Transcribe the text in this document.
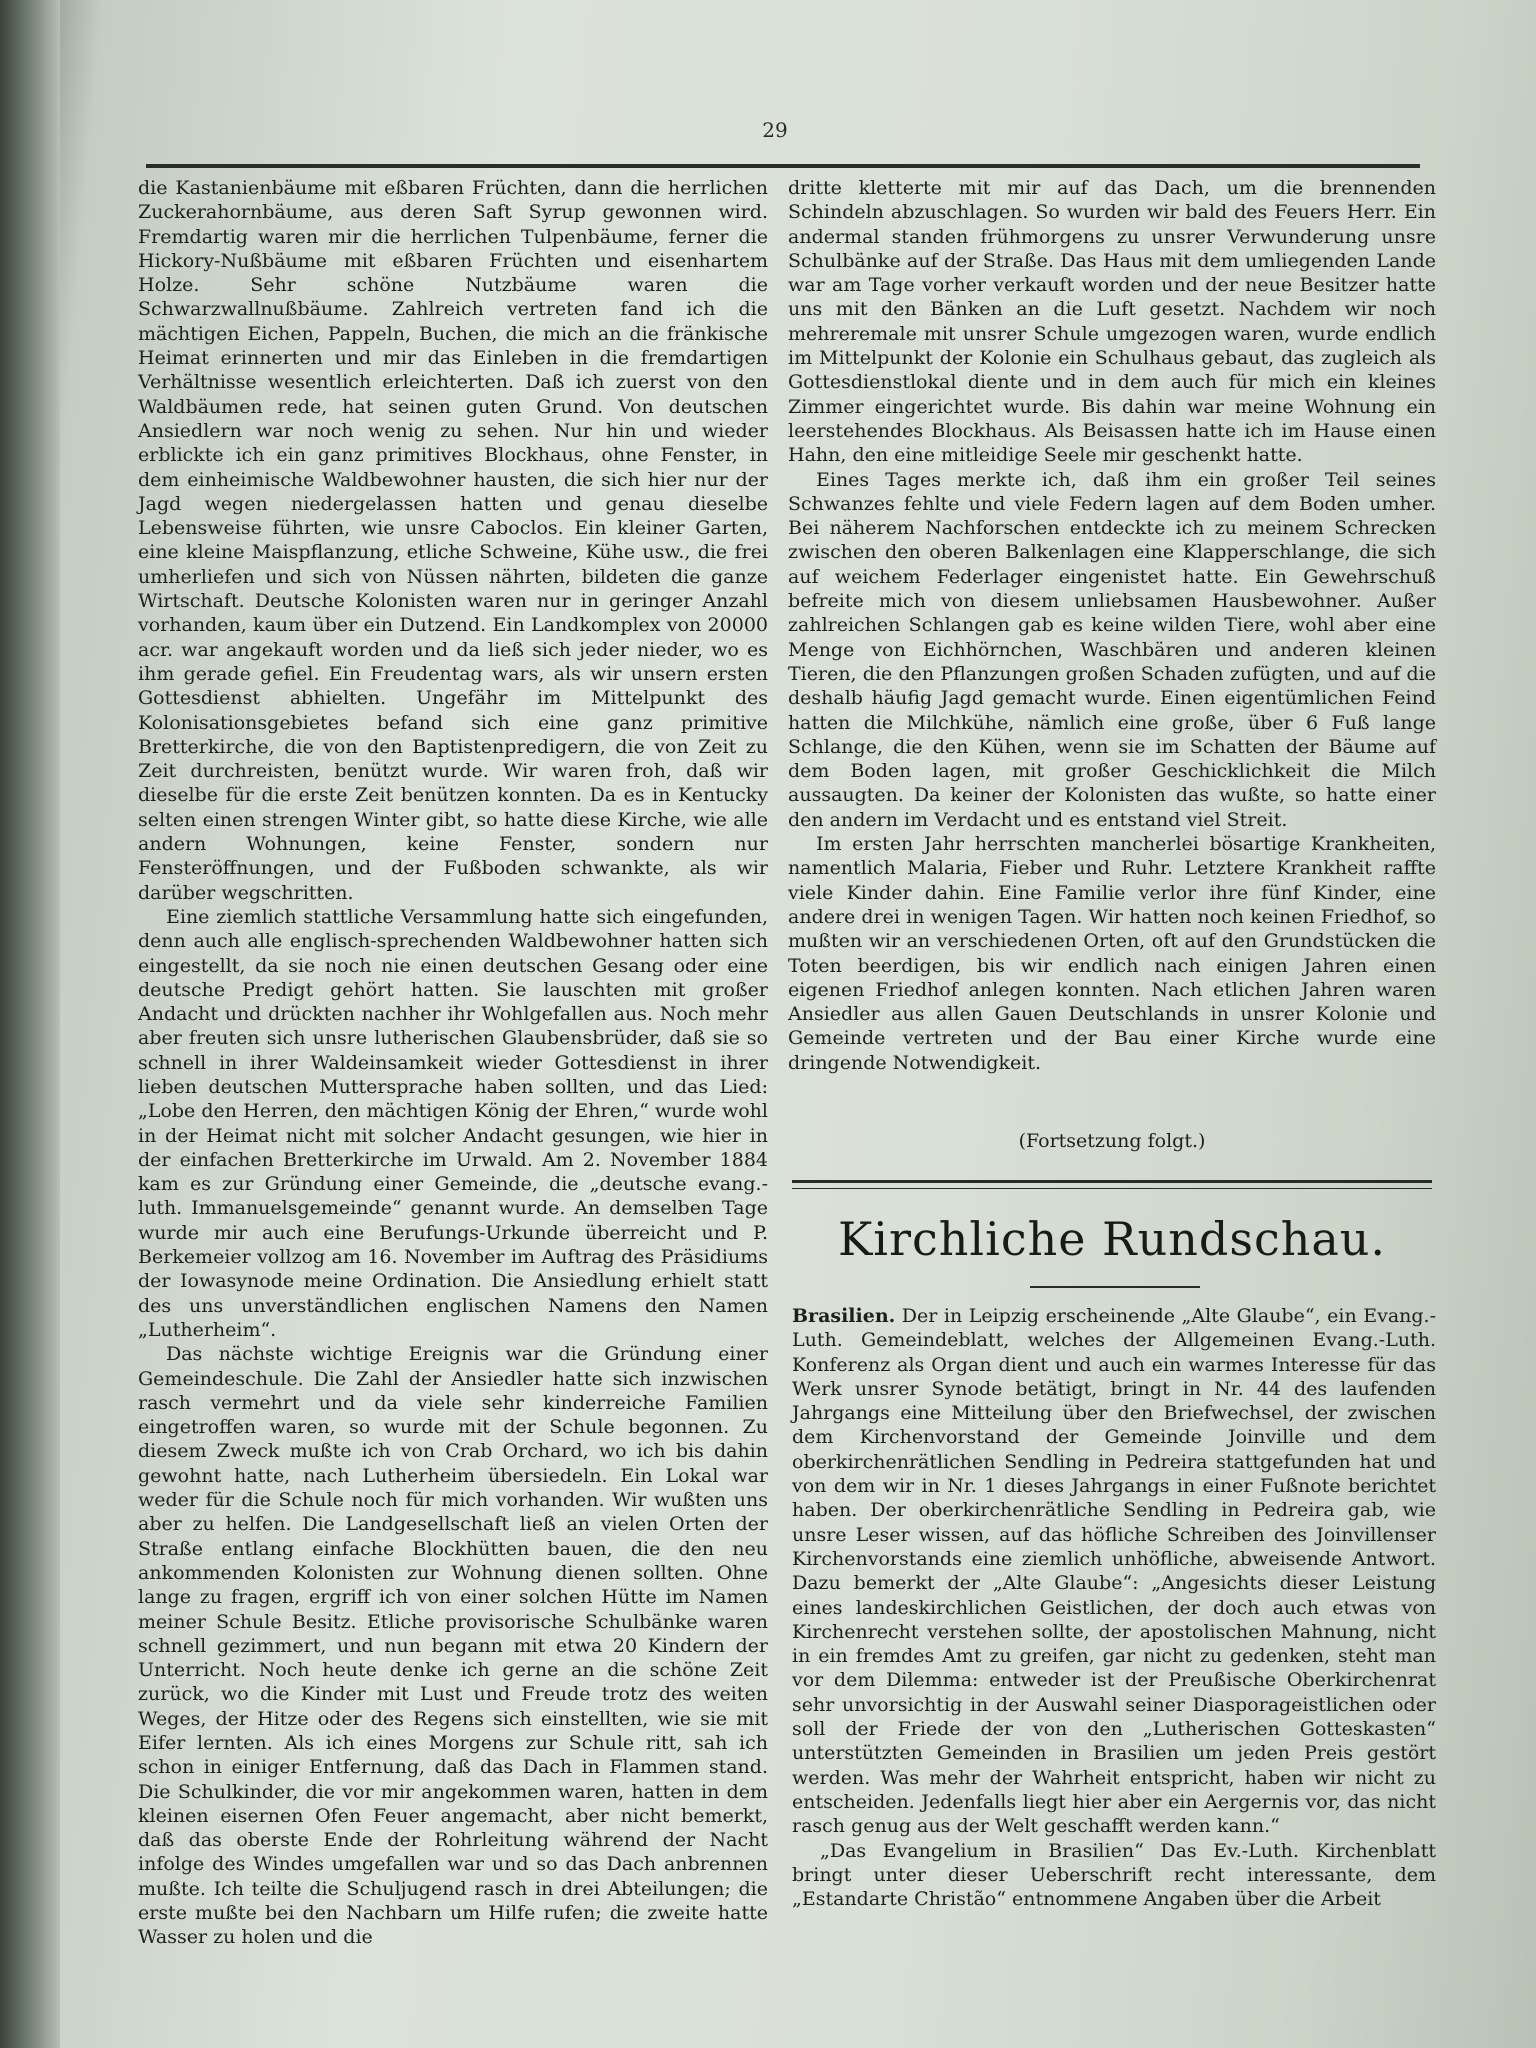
29

die Kastanienbäume mit eßbaren Früchten, dann die herrlichen Zuckerahornbäume, aus deren Saft Syrup gewonnen wird. Fremdartig waren mir die herrlichen Tulpenbäume, ferner die Hickory-Nußbäume mit eßbaren Früchten und eisenhartem Holze. Sehr schöne Nutzbäume waren die Schwarzwallnußbäume. Zahlreich vertreten fand ich die mächtigen Eichen, Pappeln, Buchen, die mich an die fränkische Heimat erinnerten und mir das Einleben in die fremdartigen Verhältnisse wesentlich erleichterten. Daß ich zuerst von den Waldbäumen rede, hat seinen guten Grund. Von deutschen Ansiedlern war noch wenig zu sehen. Nur hin und wieder erblickte ich ein ganz primitives Blockhaus, ohne Fenster, in dem einheimische Waldbewohner hausten, die sich hier nur der Jagd wegen niedergelassen hatten und genau dieselbe Lebensweise führten, wie unsre Caboclos. Ein kleiner Garten, eine kleine Maispflanzung, etliche Schweine, Kühe usw., die frei umherliefen und sich von Nüssen nährten, bildeten die ganze Wirtschaft. Deutsche Kolonisten waren nur in geringer Anzahl vorhanden, kaum über ein Dutzend. Ein Landkomplex von 20000 acr. war angekauft worden und da ließ sich jeder nieder, wo es ihm gerade gefiel. Ein Freudentag wars, als wir unsern ersten Gottesdienst abhielten. Ungefähr im Mittelpunkt des Kolonisationsgebietes befand sich eine ganz primitive Bretterkirche, die von den Baptistenpredigern, die von Zeit zu Zeit durchreisten, benützt wurde. Wir waren froh, daß wir dieselbe für die erste Zeit benützen konnten. Da es in Kentucky selten einen strengen Winter gibt, so hatte diese Kirche, wie alle andern Wohnungen, keine Fenster, sondern nur Fensteröffnungen, und der Fußboden schwankte, als wir darüber wegschritten.

Eine ziemlich stattliche Versammlung hatte sich eingefunden, denn auch alle englisch-sprechenden Waldbewohner hatten sich eingestellt, da sie noch nie einen deutschen Gesang oder eine deutsche Predigt gehört hatten. Sie lauschten mit großer Andacht und drückten nachher ihr Wohlgefallen aus. Noch mehr aber freuten sich unsre lutherischen Glaubensbrüder, daß sie so schnell in ihrer Waldeinsamkeit wieder Gottesdienst in ihrer lieben deutschen Muttersprache haben sollten, und das Lied: „Lobe den Herren, den mächtigen König der Ehren,“ wurde wohl in der Heimat nicht mit solcher Andacht gesungen, wie hier in der einfachen Bretterkirche im Urwald. Am 2. November 1884 kam es zur Gründung einer Gemeinde, die „deutsche evang.-luth. Immanuelsgemeinde“ genannt wurde. An demselben Tage wurde mir auch eine Berufungs-Urkunde überreicht und P. Berkemeier vollzog am 16. November im Auftrag des Präsidiums der Iowasynode meine Ordination. Die Ansiedlung erhielt statt des uns unverständlichen englischen Namens den Namen „Lutherheim“.

Das nächste wichtige Ereignis war die Gründung einer Gemeindeschule. Die Zahl der Ansiedler hatte sich inzwischen rasch vermehrt und da viele sehr kinderreiche Familien eingetroffen waren, so wurde mit der Schule begonnen. Zu diesem Zweck mußte ich von Crab Orchard, wo ich bis dahin gewohnt hatte, nach Lutherheim übersiedeln. Ein Lokal war weder für die Schule noch für mich vorhanden. Wir wußten uns aber zu helfen. Die Landgesellschaft ließ an vielen Orten der Straße entlang einfache Blockhütten bauen, die den neu ankommenden Kolonisten zur Wohnung dienen sollten. Ohne lange zu fragen, ergriff ich von einer solchen Hütte im Namen meiner Schule Besitz. Etliche provisorische Schulbänke waren schnell gezimmert, und nun begann mit etwa 20 Kindern der Unterricht. Noch heute denke ich gerne an die schöne Zeit zurück, wo die Kinder mit Lust und Freude trotz des weiten Weges, der Hitze oder des Regens sich einstellten, wie sie mit Eifer lernten. Als ich eines Morgens zur Schule ritt, sah ich schon in einiger Entfernung, daß das Dach in Flammen stand. Die Schulkinder, die vor mir angekommen waren, hatten in dem kleinen eisernen Ofen Feuer angemacht, aber nicht bemerkt, daß das oberste Ende der Rohrleitung während der Nacht infolge des Windes umgefallen war und so das Dach anbrennen mußte. Ich teilte die Schuljugend rasch in drei Abteilungen; die erste mußte bei den Nachbarn um Hilfe rufen; die zweite hatte Wasser zu holen und die

dritte kletterte mit mir auf das Dach, um die brennenden Schindeln abzuschlagen. So wurden wir bald des Feuers Herr. Ein andermal standen frühmorgens zu unsrer Verwunderung unsre Schulbänke auf der Straße. Das Haus mit dem umliegenden Lande war am Tage vorher verkauft worden und der neue Besitzer hatte uns mit den Bänken an die Luft gesetzt. Nachdem wir noch mehreremale mit unsrer Schule umgezogen waren, wurde endlich im Mittelpunkt der Kolonie ein Schulhaus gebaut, das zugleich als Gottesdienstlokal diente und in dem auch für mich ein kleines Zimmer eingerichtet wurde. Bis dahin war meine Wohnung ein leerstehendes Blockhaus. Als Beisassen hatte ich im Hause einen Hahn, den eine mitleidige Seele mir geschenkt hatte.

Eines Tages merkte ich, daß ihm ein großer Teil seines Schwanzes fehlte und viele Federn lagen auf dem Boden umher. Bei näherem Nachforschen entdeckte ich zu meinem Schrecken zwischen den oberen Balkenlagen eine Klapperschlange, die sich auf weichem Federlager eingenistet hatte. Ein Gewehrschuß befreite mich von diesem unliebsamen Hausbewohner. Außer zahlreichen Schlangen gab es keine wilden Tiere, wohl aber eine Menge von Eichhörnchen, Waschbären und anderen kleinen Tieren, die den Pflanzungen großen Schaden zufügten, und auf die deshalb häufig Jagd gemacht wurde. Einen eigentümlichen Feind hatten die Milchkühe, nämlich eine große, über 6 Fuß lange Schlange, die den Kühen, wenn sie im Schatten der Bäume auf dem Boden lagen, mit großer Geschicklichkeit die Milch aussaugten. Da keiner der Kolonisten das wußte, so hatte einer den andern im Verdacht und es entstand viel Streit.

Im ersten Jahr herrschten mancherlei bösartige Krankheiten, namentlich Malaria, Fieber und Ruhr. Letztere Krankheit raffte viele Kinder dahin. Eine Familie verlor ihre fünf Kinder, eine andere drei in wenigen Tagen. Wir hatten noch keinen Friedhof, so mußten wir an verschiedenen Orten, oft auf den Grundstücken die Toten beerdigen, bis wir endlich nach einigen Jahren einen eigenen Friedhof anlegen konnten. Nach etlichen Jahren waren Ansiedler aus allen Gauen Deutschlands in unsrer Kolonie und Gemeinde vertreten und der Bau einer Kirche wurde eine dringende Notwendigkeit.

(Fortsetzung folgt.)
Kirchliche Rundschau.

Brasilien. Der in Leipzig erscheinende „Alte Glaube“, ein Evang.-Luth. Gemeindeblatt, welches der Allgemeinen Evang.-Luth. Konferenz als Organ dient und auch ein warmes Interesse für das Werk unsrer Synode betätigt, bringt in Nr. 44 des laufenden Jahrgangs eine Mitteilung über den Briefwechsel, der zwischen dem Kirchenvorstand der Gemeinde Joinville und dem oberkirchenrätlichen Sendling in Pedreira stattgefunden hat und von dem wir in Nr. 1 dieses Jahrgangs in einer Fußnote berichtet haben. Der oberkirchenrätliche Sendling in Pedreira gab, wie unsre Leser wissen, auf das höfliche Schreiben des Joinvillenser Kirchenvorstands eine ziemlich unhöfliche, abweisende Antwort. Dazu bemerkt der „Alte Glaube“: „Angesichts dieser Leistung eines landeskirchlichen Geistlichen, der doch auch etwas von Kirchenrecht verstehen sollte, der apostolischen Mahnung, nicht in ein fremdes Amt zu greifen, gar nicht zu gedenken, steht man vor dem Dilemma: entweder ist der Preußische Oberkirchenrat sehr unvorsichtig in der Auswahl seiner Diasporageistlichen oder soll der Friede der von den „Lutherischen Gotteskasten“ unterstützten Gemeinden in Brasilien um jeden Preis gestört werden. Was mehr der Wahrheit entspricht, haben wir nicht zu entscheiden. Jedenfalls liegt hier aber ein Aergernis vor, das nicht rasch genug aus der Welt geschafft werden kann.“

„Das Evangelium in Brasilien“ Das Ev.-Luth. Kirchenblatt bringt unter dieser Ueberschrift recht interessante, dem „Estandarte Christão“ entnommene Angaben über die Arbeit
